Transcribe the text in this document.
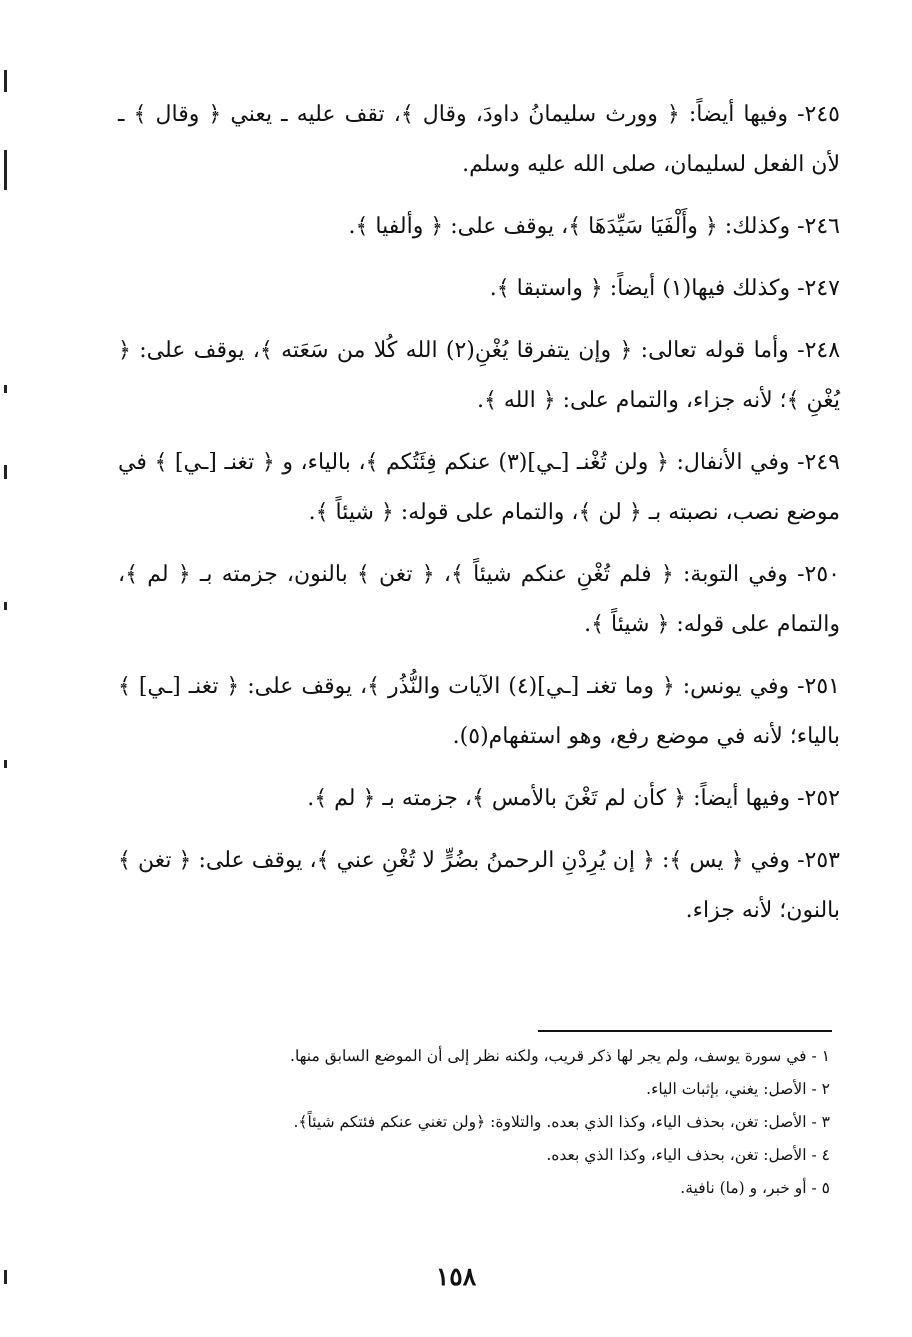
٢٤٥- وفيها أيضاً: ﴿ وورث سليمانُ داودَ، وقال ﴾، تقف عليه ـ يعني ﴿ وقال ﴾ ـ لأن الفعل لسليمان، صلى الله عليه وسلم.

٢٤٦- وكذلك: ﴿ وأَلْفَيَا سَيِّدَهَا ﴾، يوقف على: ﴿ وألفيا ﴾.

٢٤٧- وكذلك فيها(١) أيضاً: ﴿ واستبقا ﴾.

٢٤٨- وأما قوله تعالى: ﴿ وإن يتفرقا يُغْنِ(٢) الله كُلا من سَعَته ﴾، يوقف على: ﴿ يُغْنِ ﴾؛ لأنه جزاء، والتمام على: ﴿ الله ﴾.

٢٤٩- وفي الأنفال: ﴿ ولن تُغْنـ [ـي](٣) عنكم فِئَتُكم ﴾، بالياء، و ﴿ تغنـ [ـي] ﴾ في موضع نصب، نصبته بـ ﴿ لن ﴾، والتمام على قوله: ﴿ شيئاً ﴾.

٢٥٠- وفي التوبة: ﴿ فلم تُغْنِ عنكم شيئاً ﴾، ﴿ تغن ﴾ بالنون، جزمته بـ ﴿ لم ﴾، والتمام على قوله: ﴿ شيئاً ﴾.

٢٥١- وفي يونس: ﴿ وما تغنـ [ـي](٤) الآيات والنُّذُر ﴾، يوقف على: ﴿ تغنـ [ـي] ﴾ بالياء؛ لأنه في موضع رفع، وهو استفهام(٥).

٢٥٢- وفيها أيضاً: ﴿ كأن لم تَغْنَ بالأمس ﴾، جزمته بـ ﴿ لم ﴾.

٢٥٣- وفي ﴿ يس ﴾: ﴿ إن يُرِدْنِ الرحمنُ بضُرٍّ لا تُغْنِ عني ﴾، يوقف على: ﴿ تغن ﴾ بالنون؛ لأنه جزاء.

١ - في سورة يوسف، ولم يجر لها ذكر قريب، ولكنه نظر إلى أن الموضع السابق منها.
٢ - الأصل: يغني، بإثبات الياء.
٣ - الأصل: تغن، بحذف الياء، وكذا الذي بعده. والتلاوة: ﴿ولن تغني عنكم فئتكم شيئاً﴾.
٤ - الأصل: تغن، بحذف الياء، وكذا الذي بعده.
٥ - أو خبر، و (ما) نافية.
١٥٨
